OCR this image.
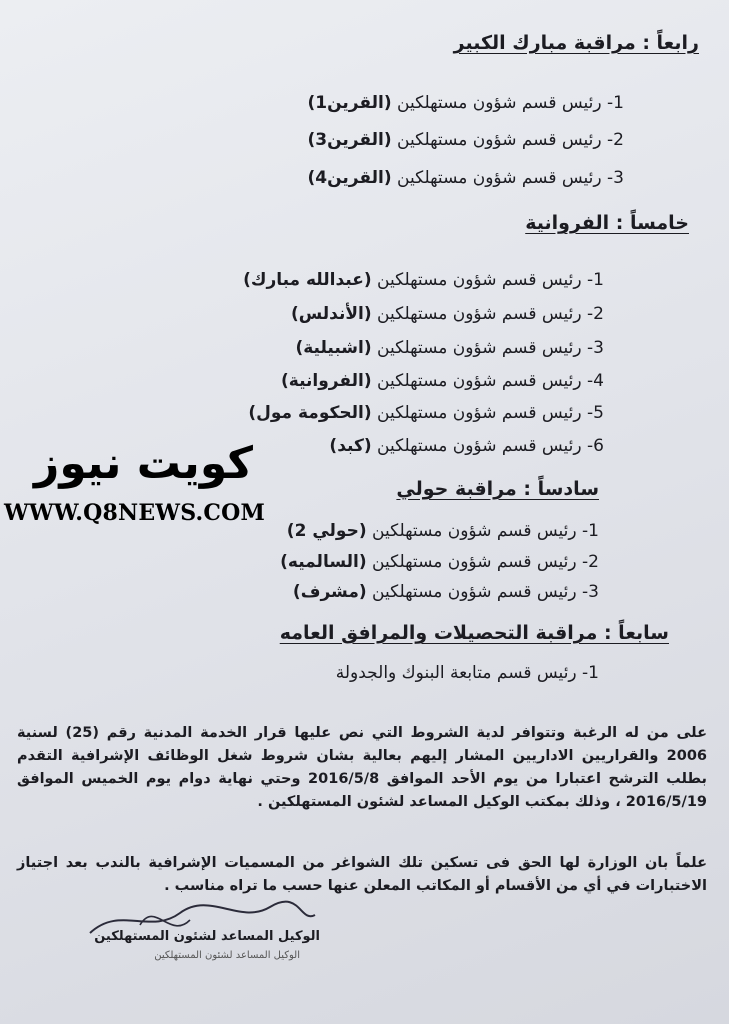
رابعاً : مراقبة مبارك الكبير
1- رئيس قسم شؤون مستهلكين (القرين1)
2- رئيس قسم شؤون مستهلكين (القرين3)
3- رئيس قسم شؤون مستهلكين (القرين4)
خامساً : الفروانية
1- رئيس قسم شؤون مستهلكين (عبدالله مبارك)
2- رئيس قسم شؤون مستهلكين (الأندلس)
3- رئيس قسم شؤون مستهلكين (اشبيلية)
4- رئيس قسم شؤون مستهلكين (الفروانية)
5- رئيس قسم شؤون مستهلكين (الحكومة مول)
6- رئيس قسم شؤون مستهلكين (كبد)
سادساً : مراقبة حولي
1- رئيس قسم شؤون مستهلكين (حولي 2)
2- رئيس قسم شؤون مستهلكين (السالميه)
3- رئيس قسم شؤون مستهلكين (مشرف)
سابعاً : مراقبة التحصيلات والمرافق العامه
1- رئيس قسم متابعة البنوك والجدولة
على من له الرغبة وتتوافر لدية الشروط التي نص عليها قرار الخدمة المدنية رقم (25) لسنية 2006 والقراريين الاداريين المشار إليهم بعالية بشان شروط شغل الوظائف الإشرافية التقدم بطلب الترشح اعتبارا من يوم الأحد الموافق 2016/5/8 وحتي نهاية دوام يوم الخميس الموافق 2016/5/19 ، وذلك بمكتب الوكيل المساعد لشئون المستهلكين .
علماً بان الوزارة لها الحق فى تسكين تلك الشواغر من المسميات الإشرافية بالندب بعد اجتياز الاختبارات في أي من الأقسام أو المكاتب المعلن عنها حسب ما تراه مناسب .
الوكيل المساعد لشئون المستهلكين
الوكيل المساعد لشئون المستهلكين
كويت نيوز
WWW.Q8NEWS.COM
